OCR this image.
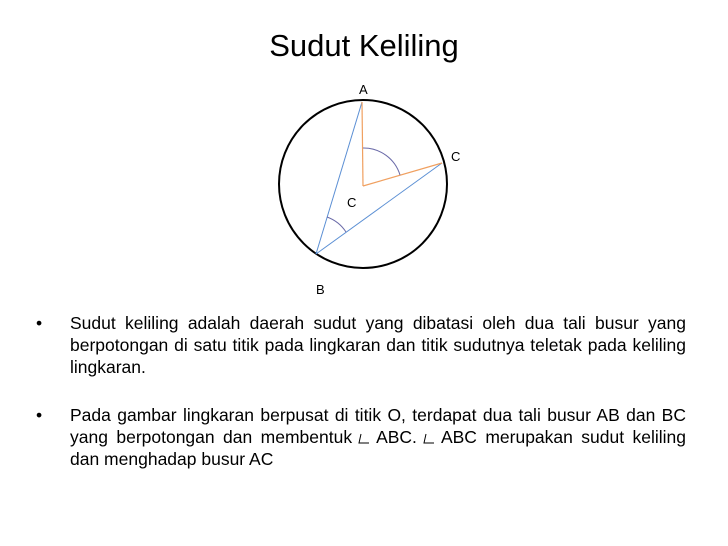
Sudut Keliling
A
B
C
C
•	Sudut keliling adalah daerah sudut yang dibatasi oleh dua tali busur yang berpotongan di satu titik pada lingkaran dan titik sudutnya teletak pada keliling lingkaran.
•	Pada gambar lingkaran berpusat di titik O, terdapat dua tali busur AB dan BC yang berpotongan dan membentuk ABC. ABC merupakan sudut keliling dan menghadap busur AC
